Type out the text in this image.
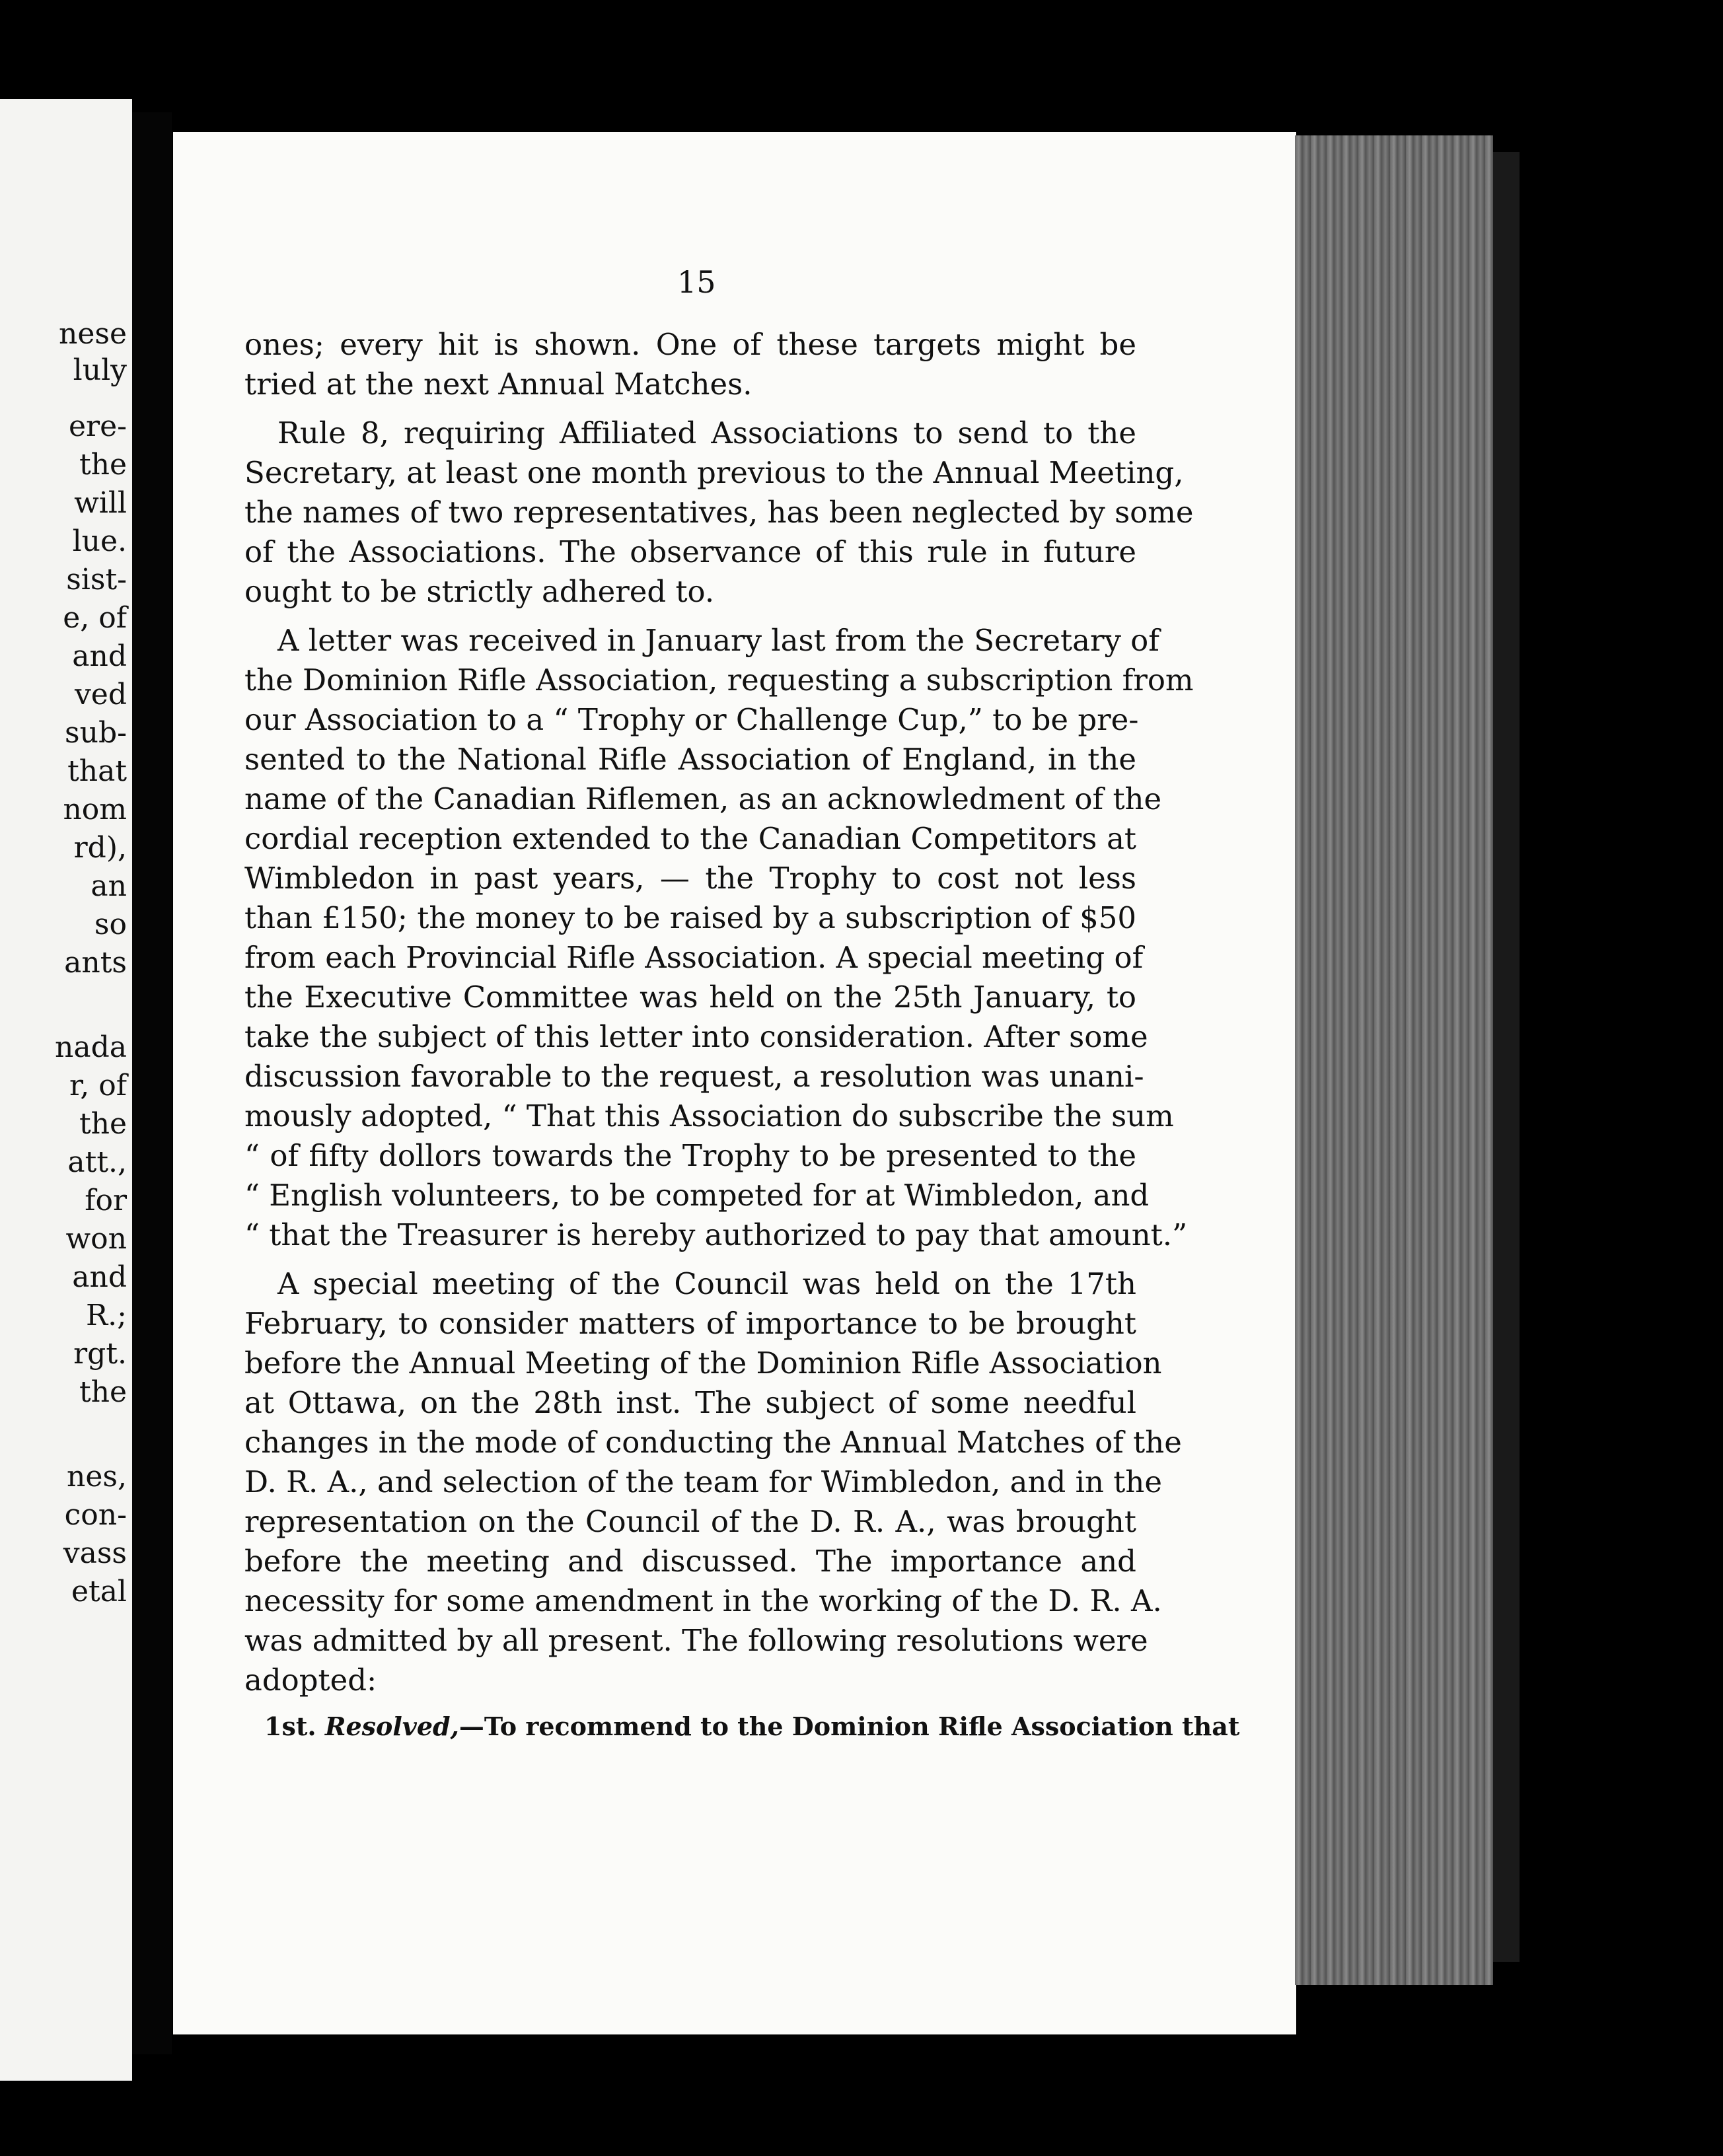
nese
luly
ere-
the
will
lue.
sist-
e, of
and
ved
sub-
that
nom
rd),
an
so
ants
nada
r, of
the
att.,
for
won
and
R.;
rgt.
the
nes,
con-
vass
etal
15
ones; every hit is shown. One of these targets might be
tried at the next Annual Matches.
Rule 8, requiring Affiliated Associations to send to the
Secretary, at least one month previous to the Annual Meeting,
the names of two representatives, has been neglected by some
of the Associations. The observance of this rule in future
ought to be strictly adhered to.
A letter was received in January last from the Secretary of
the Dominion Rifle Association, requesting a subscription from
our Association to a “ Trophy or Challenge Cup,” to be pre-
sented to the National Rifle Association of England, in the
name of the Canadian Riflemen, as an acknowledment of the
cordial reception extended to the Canadian Competitors at
Wimbledon in past years, — the Trophy to cost not less
than £150; the money to be raised by a subscription of $50
from each Provincial Rifle Association. A special meeting of
the Executive Committee was held on the 25th January, to
take the subject of this letter into consideration. After some
discussion favorable to the request, a resolution was unani-
mously adopted, “ That this Association do subscribe the sum
“ of fifty dollors towards the Trophy to be presented to the
“ English volunteers, to be competed for at Wimbledon, and
“ that the Treasurer is hereby authorized to pay that amount.”
A special meeting of the Council was held on the 17th
February, to consider matters of importance to be brought
before the Annual Meeting of the Dominion Rifle Association
at Ottawa, on the 28th inst. The subject of some needful
changes in the mode of conducting the Annual Matches of the
D. R. A., and selection of the team for Wimbledon, and in the
representation on the Council of the D. R. A., was brought
before the meeting and discussed. The importance and
necessity for some amendment in the working of the D. R. A.
was admitted by all present. The following resolutions were
adopted:
1st. Resolved,—To recommend to the Dominion Rifle Association that
